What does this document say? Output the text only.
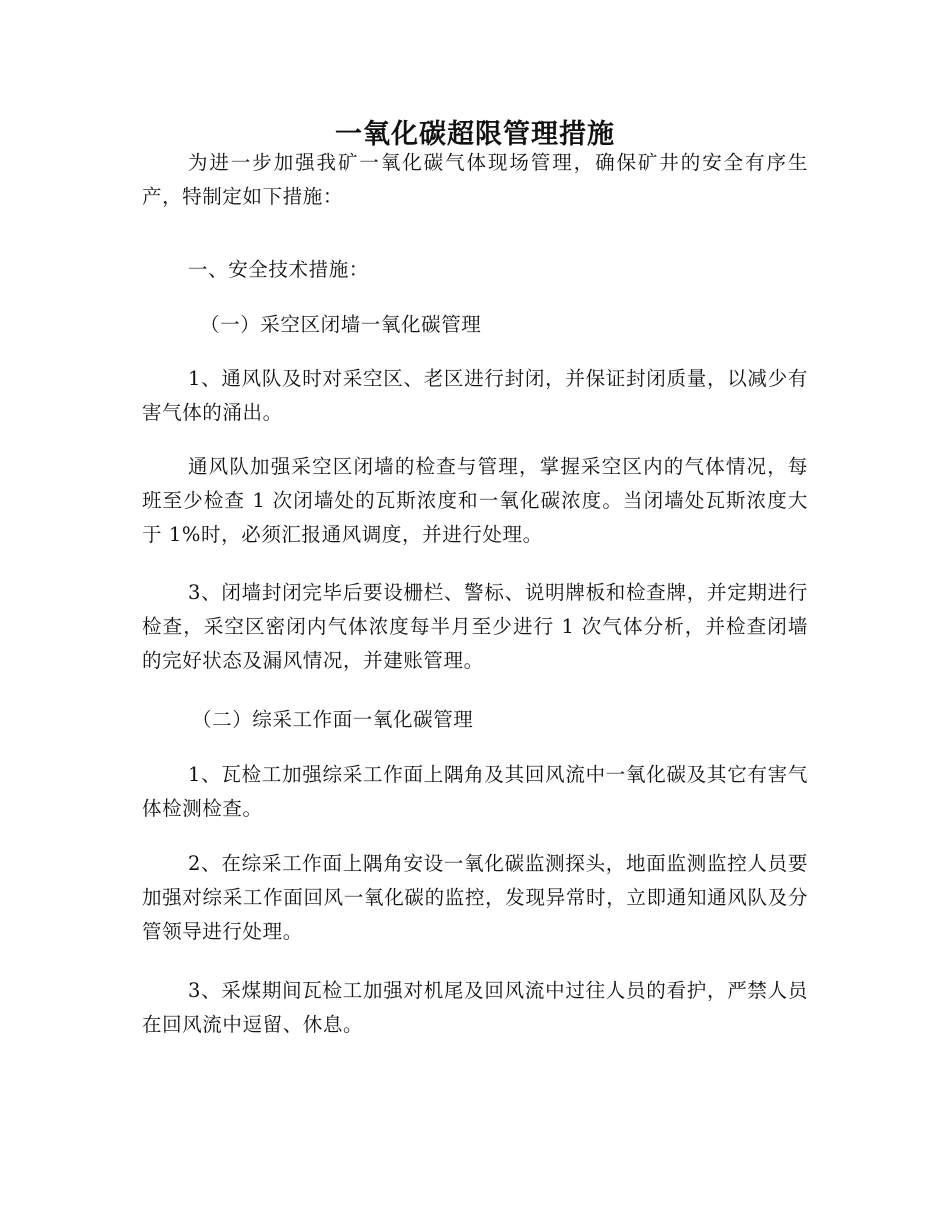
一氧化碳超限管理措施

为进一步加强我矿一氧化碳气体现场管理，确保矿井的安全有序生产，特制定如下措施：

一、安全技术措施：

（一）采空区闭墙一氧化碳管理

1、通风队及时对采空区、老区进行封闭，并保证封闭质量，以减少有害气体的涌出。

通风队加强采空区闭墙的检查与管理，掌握采空区内的气体情况，每班至少检查 1 次闭墙处的瓦斯浓度和一氧化碳浓度。当闭墙处瓦斯浓度大于 1%时，必须汇报通风调度，并进行处理。

3、闭墙封闭完毕后要设栅栏、警标、说明牌板和检查牌，并定期进行检查，采空区密闭内气体浓度每半月至少进行 1 次气体分析，并检查闭墙的完好状态及漏风情况，并建账管理。

（二）综采工作面一氧化碳管理

1、瓦检工加强综采工作面上隅角及其回风流中一氧化碳及其它有害气体检测检查。

2、在综采工作面上隅角安设一氧化碳监测探头，地面监测监控人员要加强对综采工作面回风一氧化碳的监控，发现异常时，立即通知通风队及分管领导进行处理。

3、采煤期间瓦检工加强对机尾及回风流中过往人员的看护，严禁人员在回风流中逗留、休息。
